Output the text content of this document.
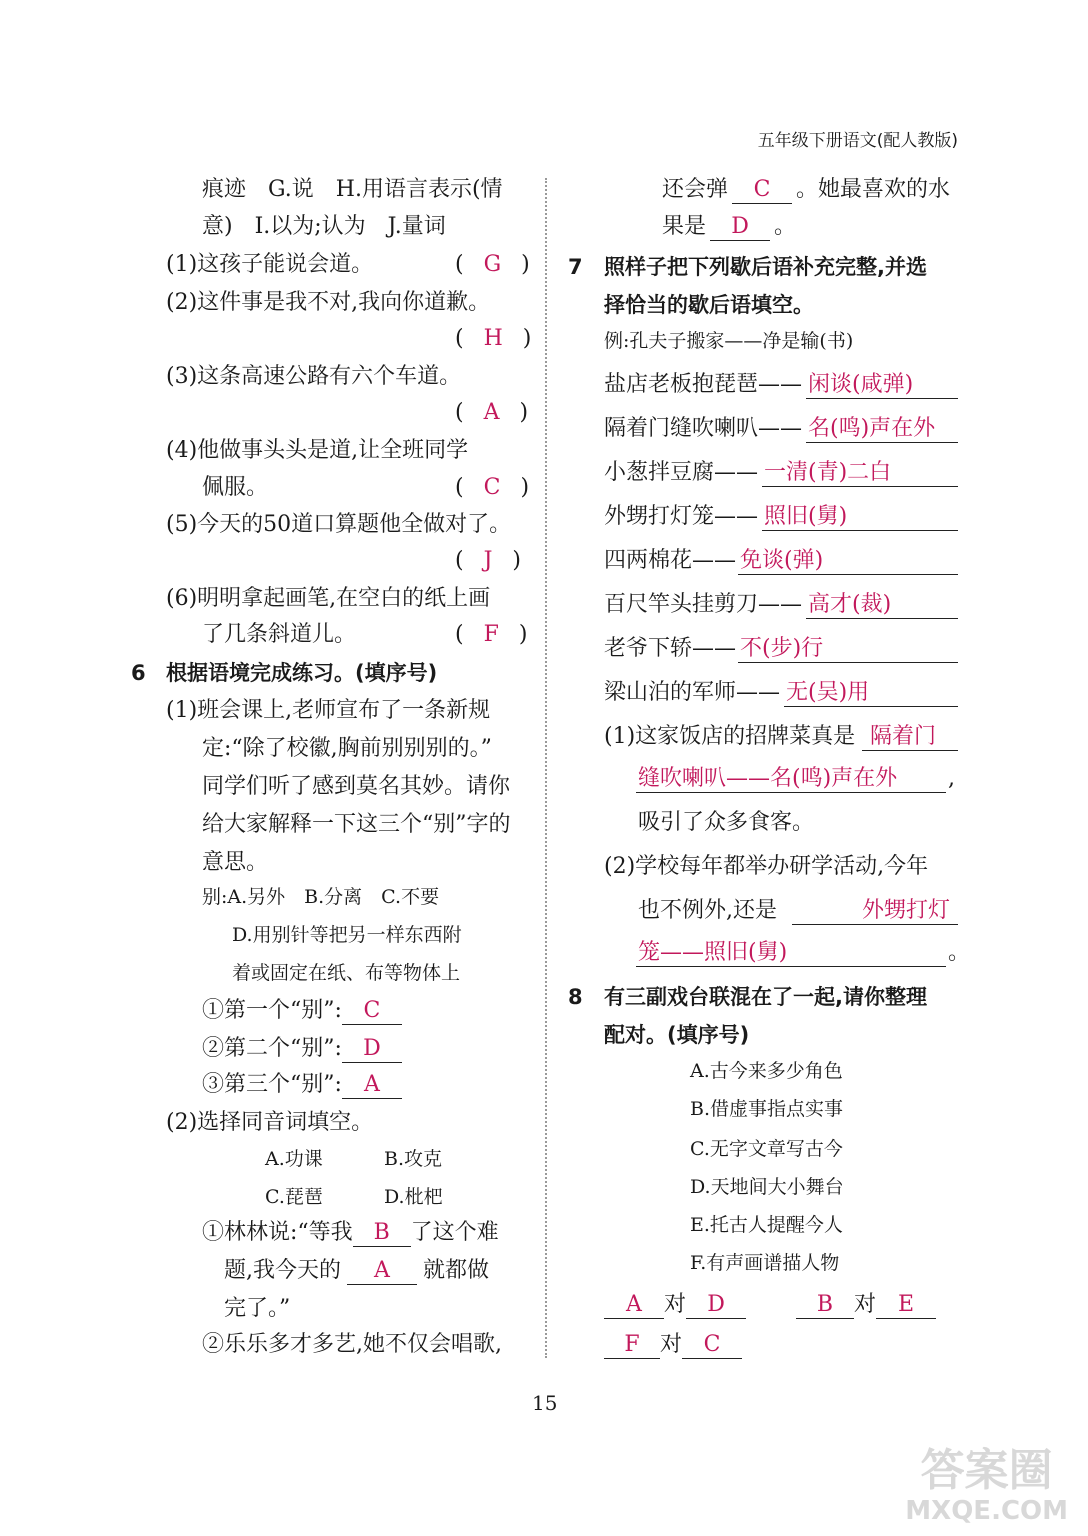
五年级下册语文(配人教版)
痕迹　G.说　H.用语言表示(情
意)　I.以为;认为　J.量词
(1)这孩子能说会道。	( G )
(2)这件事是我不对,我向你道歉。
( H )
(3)这条高速公路有六个车道。
( A )
(4)他做事头头是道,让全班同学
佩服。	( C )
(5)今天的50道口算题他全做对了。
( J )
(6)明明拿起画笔,在空白的纸上画
了几条斜道儿。	( F )
6 根据语境完成练习。(填序号)
(1)班会课上,老师宣布了一条新规
定:“除了校徽,胸前别别别的。”
同学们听了感到莫名其妙。请你
给大家解释一下这三个“别”字的
意思。
别:A.另外　B.分离　C.不要
D.用别针等把另一样东西附
着或固定在纸、布等物体上
①第一个“别”: C
②第二个“别”: D
③第三个“别”: A
(2)选择同音词填空。
A.功课	B.攻克
C.琵琶	D.枇杷
①林林说:“等我 B 了这个难
题,我今天的 A 就都做
完了。”
②乐乐多才多艺,她不仅会唱歌,
还会弹 C 。她最喜欢的水
果是 D 。
7 照样子把下列歇后语补充完整,并选
择恰当的歇后语填空。
例:孔夫子搬家——净是输(书)
盐店老板抱琵琶—— 闲谈(咸弹)
隔着门缝吹喇叭—— 名(鸣)声在外
小葱拌豆腐—— 一清(青)二白
外甥打灯笼—— 照旧(舅)
四两棉花—— 免谈(弹)
百尺竿头挂剪刀—— 高才(裁)
老爷下轿—— 不(步)行
梁山泊的军师—— 无(吴)用
(1)这家饭店的招牌菜真是 隔着门
缝吹喇叭——名(鸣)声在外 ,
吸引了众多食客。
(2)学校每年都举办研学活动,今年
也不例外,还是	外甥打灯
笼——照旧(舅)	。
8 有三副戏台联混在了一起,请你整理
配对。(填序号)
A.古今来多少角色
B.借虚事指点实事
C.无字文章写古今
D.天地间大小舞台
E.托古人提醒今人
F.有声画谱描人物
A 对 D	B 对 E
F 对 C
15
答案圈
MXQE.COM
